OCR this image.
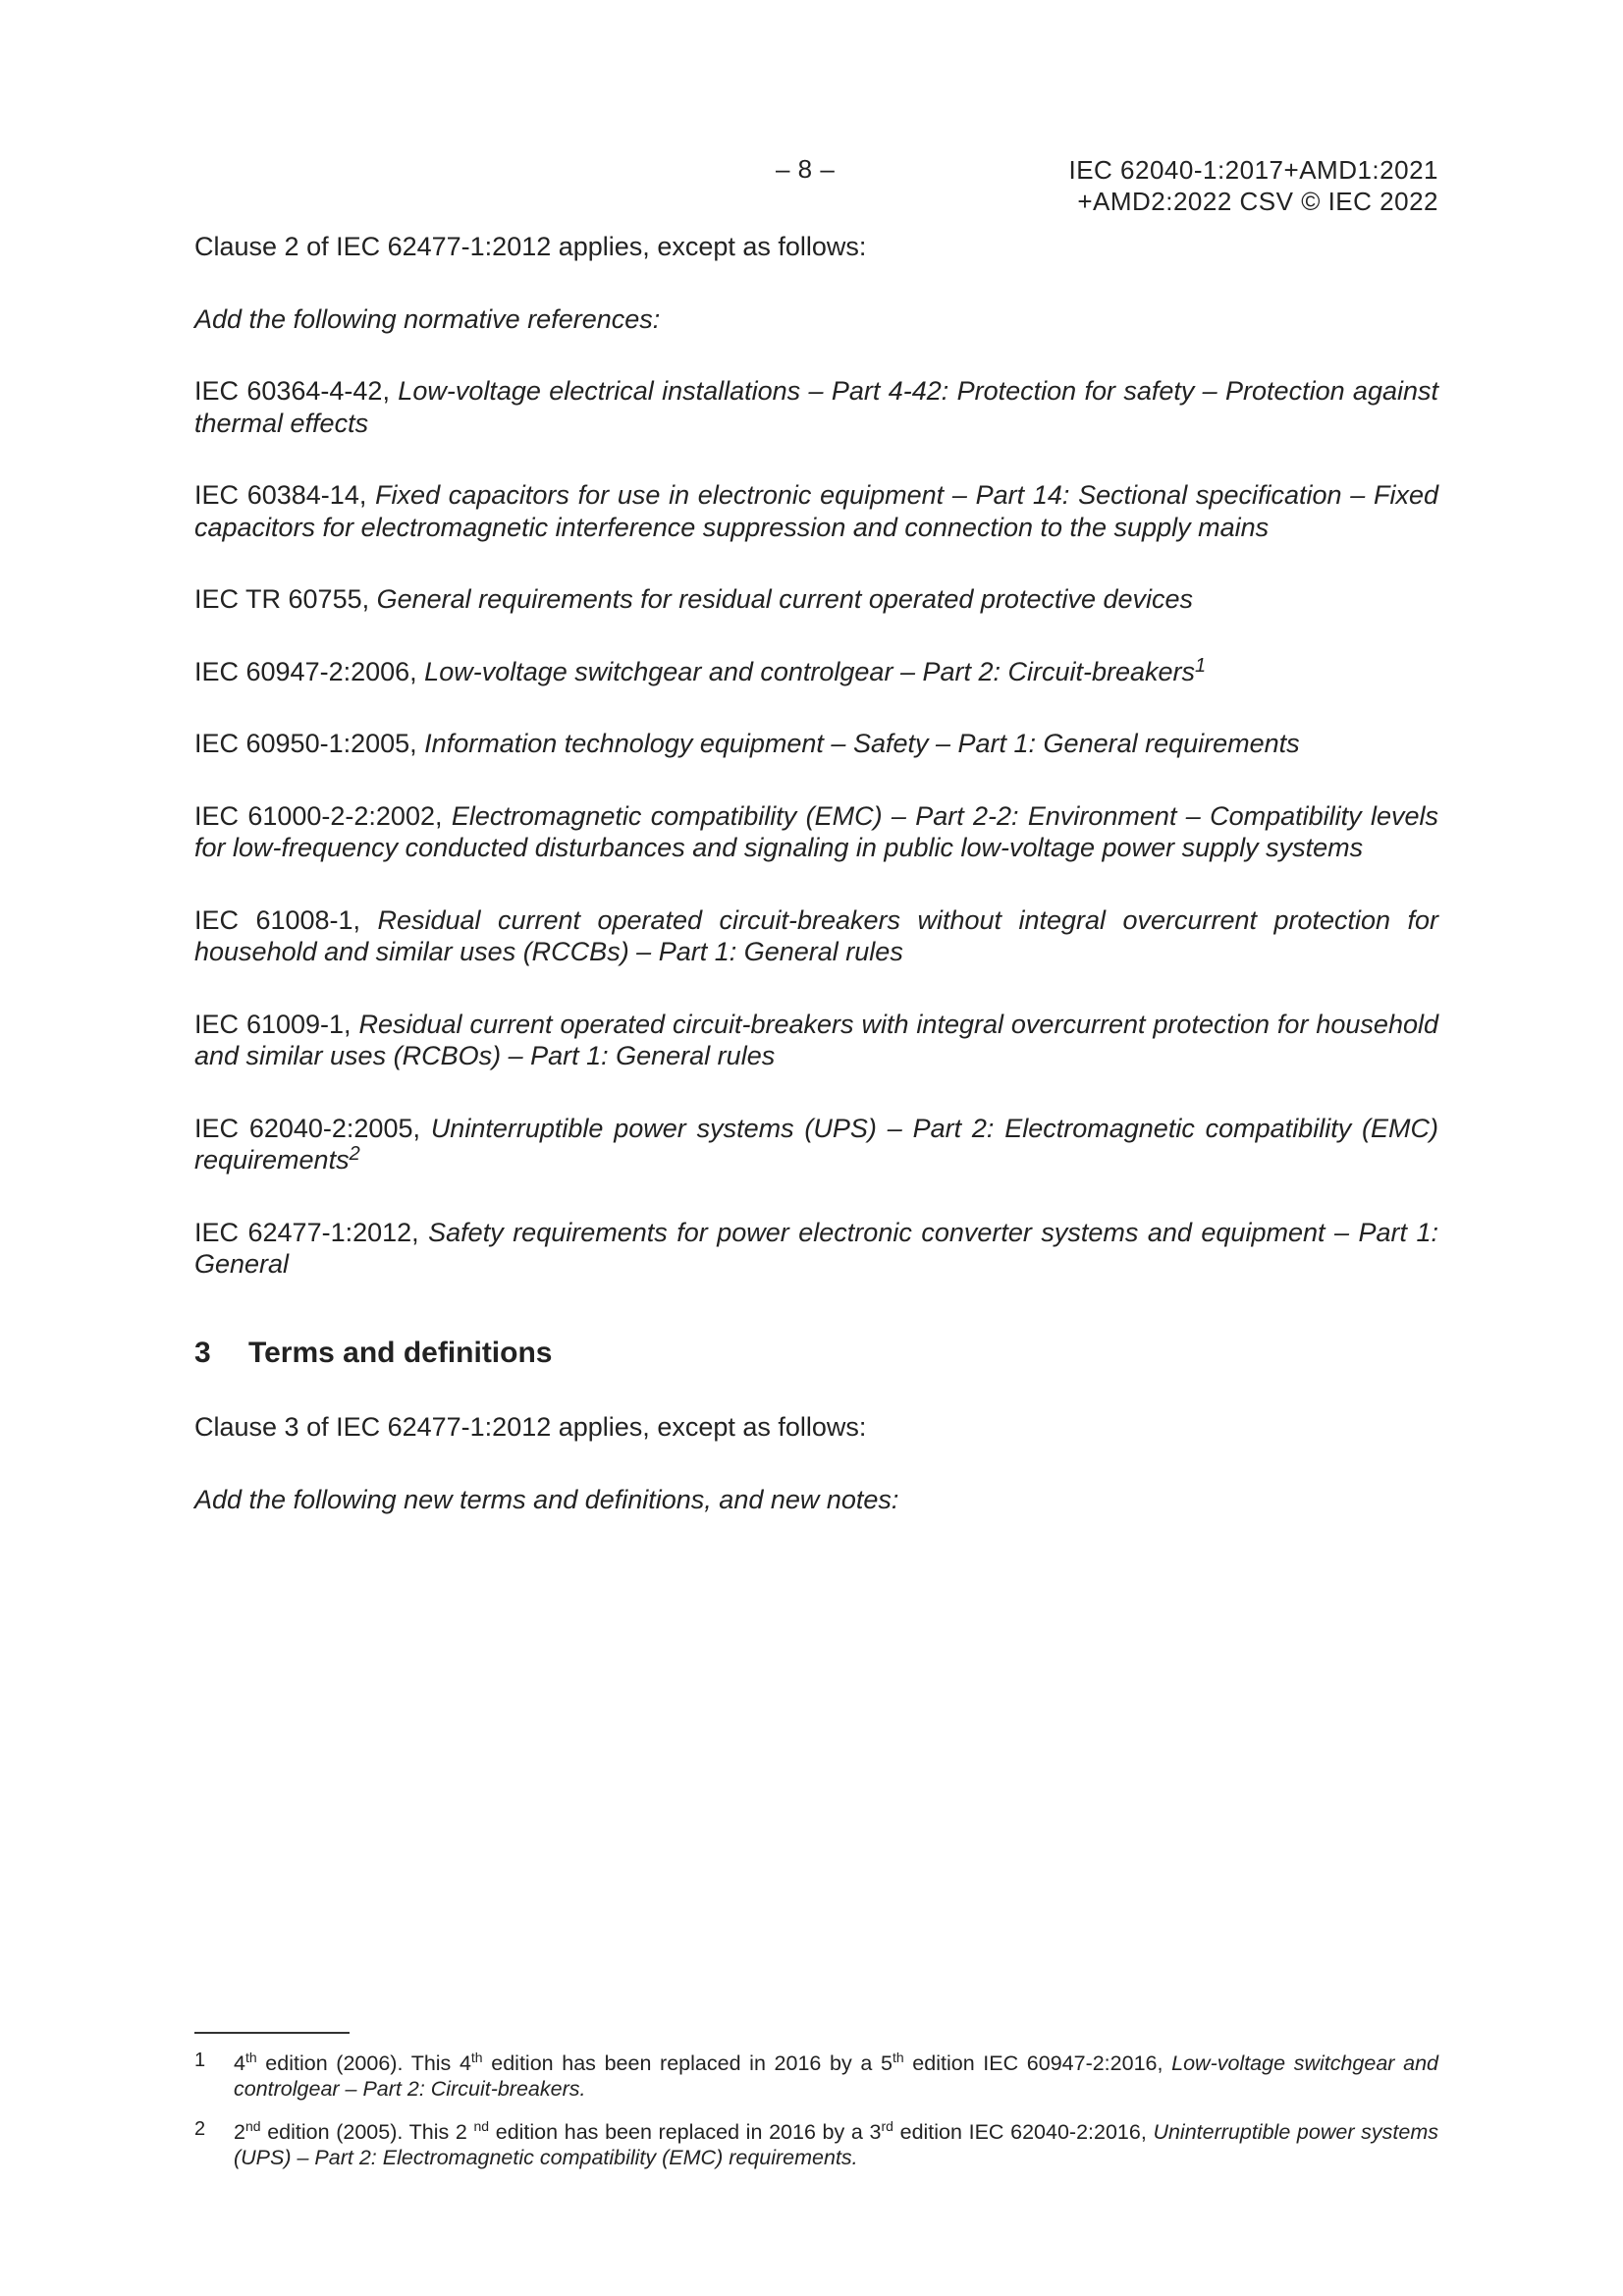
– 8 –	IEC 62040-1:2017+AMD1:2021
+AMD2:2022 CSV © IEC 2022

Clause 2 of IEC 62477-1:2012 applies, except as follows:

Add the following normative references:

IEC 60364-4-42, Low-voltage electrical installations – Part 4-42: Protection for safety – Protection against thermal effects

IEC 60384-14, Fixed capacitors for use in electronic equipment – Part 14: Sectional specification – Fixed capacitors for electromagnetic interference suppression and connection to the supply mains

IEC TR 60755, General requirements for residual current operated protective devices

IEC 60947-2:2006, Low-voltage switchgear and controlgear – Part 2: Circuit-breakers$^1$

IEC 60950-1:2005, Information technology equipment – Safety – Part 1: General requirements

IEC 61000-2-2:2002, Electromagnetic compatibility (EMC) – Part 2-2: Environment – Compatibility levels for low-frequency conducted disturbances and signaling in public low-voltage power supply systems

IEC 61008-1, Residual current operated circuit-breakers without integral overcurrent protection for household and similar uses (RCCBs) – Part 1: General rules

IEC 61009-1, Residual current operated circuit-breakers with integral overcurrent protection for household and similar uses (RCBOs) – Part 1: General rules

IEC 62040-2:2005, Uninterruptible power systems (UPS) – Part 2: Electromagnetic compatibility (EMC) requirements$^2$

IEC 62477-1:2012, Safety requirements for power electronic converter systems and equipment – Part 1: General

3 Terms and definitions

Clause 3 of IEC 62477-1:2012 applies, except as follows:

Add the following new terms and definitions, and new notes:

1 4th edition (2006). This 4th edition has been replaced in 2016 by a 5th edition IEC 60947-2:2016, Low-voltage switchgear and controlgear – Part 2: Circuit-breakers.
2 2nd edition (2005). This 2 $^{nd}$ edition has been replaced in 2016 by a 3rd edition IEC 62040-2:2016, Uninterruptible power systems (UPS) – Part 2: Electromagnetic compatibility (EMC) requirements.
